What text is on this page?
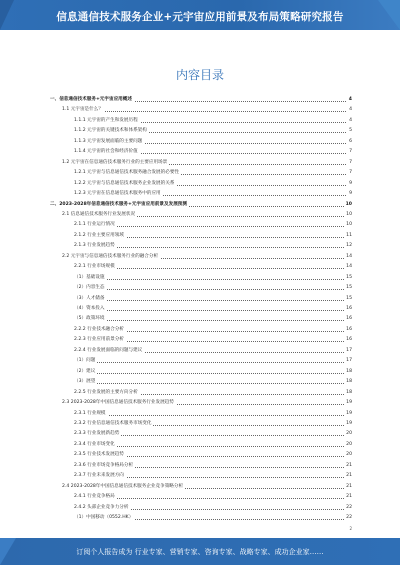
信息通信技术服务企业+元宇宙应用前景及布局策略研究报告
内容目录
一、信息通信技术服务+元宇宙应用概述	4
1.1 元宇宙是什么？	4
1.1.1 元宇宙的产生和发展历程	4
1.1.2 元宇宙的关键技术和体系架构	5
1.1.3 元宇宙发展面临的主要问题	6
1.1.4 元宇宙的社会和经济价值	7
1.2 元宇宙在信息通信技术服务行业的主要应用场景	7
1.2.1 元宇宙与信息通信技术服务融合发展的必要性	7
1.2.2 元宇宙与信息通信技术服务企业发展的关系	9
1.2.3 元宇宙在信息通信技术服务中的应用	9
二、2023-2028年信息通信技术服务+元宇宙应用前景及发展预测	10
2.1 信息通信技术服务行业发展状况	10
2.1.1 行业运行情况	10
2.1.2 行业主要应用领域	11
2.1.3 行业发展趋势	12
2.2 元宇宙与信息通信技术服务行业的融合分析	14
2.2.1 行业市场规模	14
（1）基础设施	15
（2）内容生态	15
（3）人才储备	15
（4）资本投入	16
（5）政策环境	16
2.2.2 行业技术融合分析	16
2.2.3 行业应用前景分析	16
2.2.4 行业发展面临的问题与建议	17
（1）问题	17
（2）建议	18
（3）展望	18
2.2.5 行业发展的主要方向分析	18
2.3 2023-2028年中国信息通信技术服务行业发展趋势	19
2.3.1 行业规模	19
2.3.2 行业信息通信技术服务市场变化	19
2.3.3 行业发展新趋势	20
2.3.4 行业市场变化	20
2.3.5 行业技术发展趋势	20
2.3.6 行业市场竞争格局分析	21
2.3.7 行业未来发展方向	21
2.4 2023-2028年中国信息通信技术服务企业竞争策略分析	21
2.4.1 行业竞争格局	21
2.4.2 头部企业竞争力分析	22
（1）中国移动（0552.HK）	22
2
订阅个人报告成为 行业专家、营销专家、咨询专家、战略专家、成功企业家……
